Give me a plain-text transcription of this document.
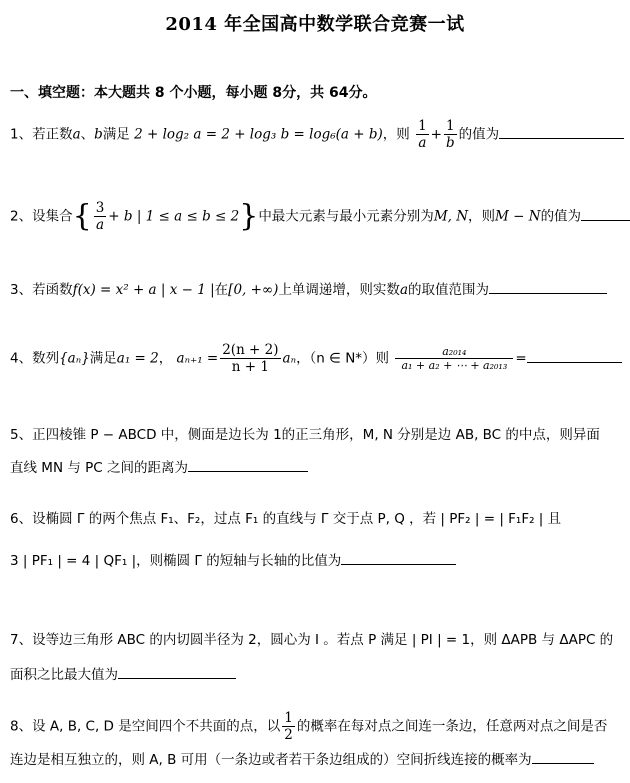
2014 年全国高中数学联合竞赛一试
一、填空题：本大题共 8 个小题，每小题 8分，共 64分。
1、若正数a、b满足 2 + log₂ a = 2 + log₃ b = log₆(a + b)，则 $\frac{1}{a} + \frac{1}{b}$ 的值为
2、设集合{ $\frac{3}{a} + b$ | 1 ≤ a ≤ b ≤ 2}中最大元素与最小元素分别为M, N，则M − N的值为
3、若函数f(x) = x² + a | x − 1 |在[0, +∞)上单调递增，则实数a的取值范围为
4、数列{aₙ}满足a₁ = 2， $a_{n+1} = \frac{2(n + 2)}{n + 1}$ aₙ，（n ∈ N*）则 $\frac{\text{a₂₀₁₄}}{\text{a₁ + a₂ + ⋯ + a₂₀₁₃}}$ =
5、正四棱锥 P − ABCD 中，侧面是边长为 1的正三角形，M, N 分别是边 AB, BC 的中点，则异面
直线 MN 与 PC 之间的距离为
6、设椭圆 Γ 的两个焦点 F₁、F₂，过点 F₁ 的直线与 Γ 交于点 P, Q ，若 | PF₂ | = | F₁F₂ | 且
3 | PF₁ | = 4 | QF₁ |，则椭圆 Γ 的短轴与长轴的比值为
7、设等边三角形 ABC 的内切圆半径为 2，圆心为 I 。若点 P 满足 | PI | = 1，则 ΔAPB 与 ΔAPC 的
面积之比最大值为
8、设 A, B, C, D 是空间四个不共面的点，以 $\frac{1}{2}$ 的概率在每对点之间连一条边，任意两对点之间是否
连边是相互独立的，则 A, B 可用（一条边或者若干条边组成的）空间折线连接的概率为
